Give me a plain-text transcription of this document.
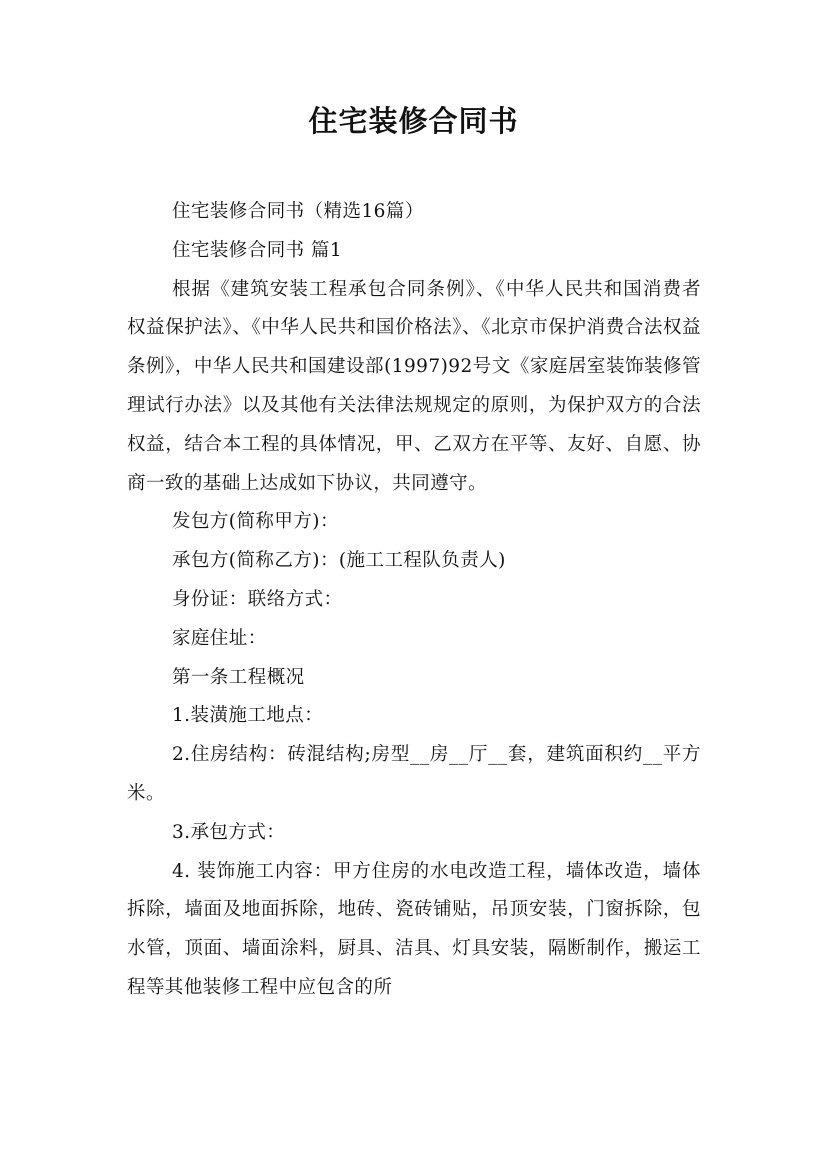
住宅装修合同书

住宅装修合同书（精选16篇）

住宅装修合同书 篇1

根据《建筑安装工程承包合同条例》、《中华人民共和国消费者权益保护法》、《中华人民共和国价格法》、《北京市保护消费合法权益条例》，中华人民共和国建设部(1997)92号文《家庭居室装饰装修管理试行办法》以及其他有关法律法规规定的原则，为保护双方的合法权益，结合本工程的具体情况，甲、乙双方在平等、友好、自愿、协商一致的基础上达成如下协议，共同遵守。

发包方(简称甲方)：

承包方(简称乙方)：(施工工程队负责人)

身份证：联络方式：

家庭住址：

第一条工程概况

1.装潢施工地点：

2.住房结构：砖混结构;房型__房__厅__套，建筑面积约__平方米。

3.承包方式：

4. 装饰施工内容：甲方住房的水电改造工程，墙体改造，墙体拆除，墙面及地面拆除，地砖、瓷砖铺贴，吊顶安装，门窗拆除，包水管，顶面、墙面涂料，厨具、洁具、灯具安装，隔断制作，搬运工程等其他装修工程中应包含的所
